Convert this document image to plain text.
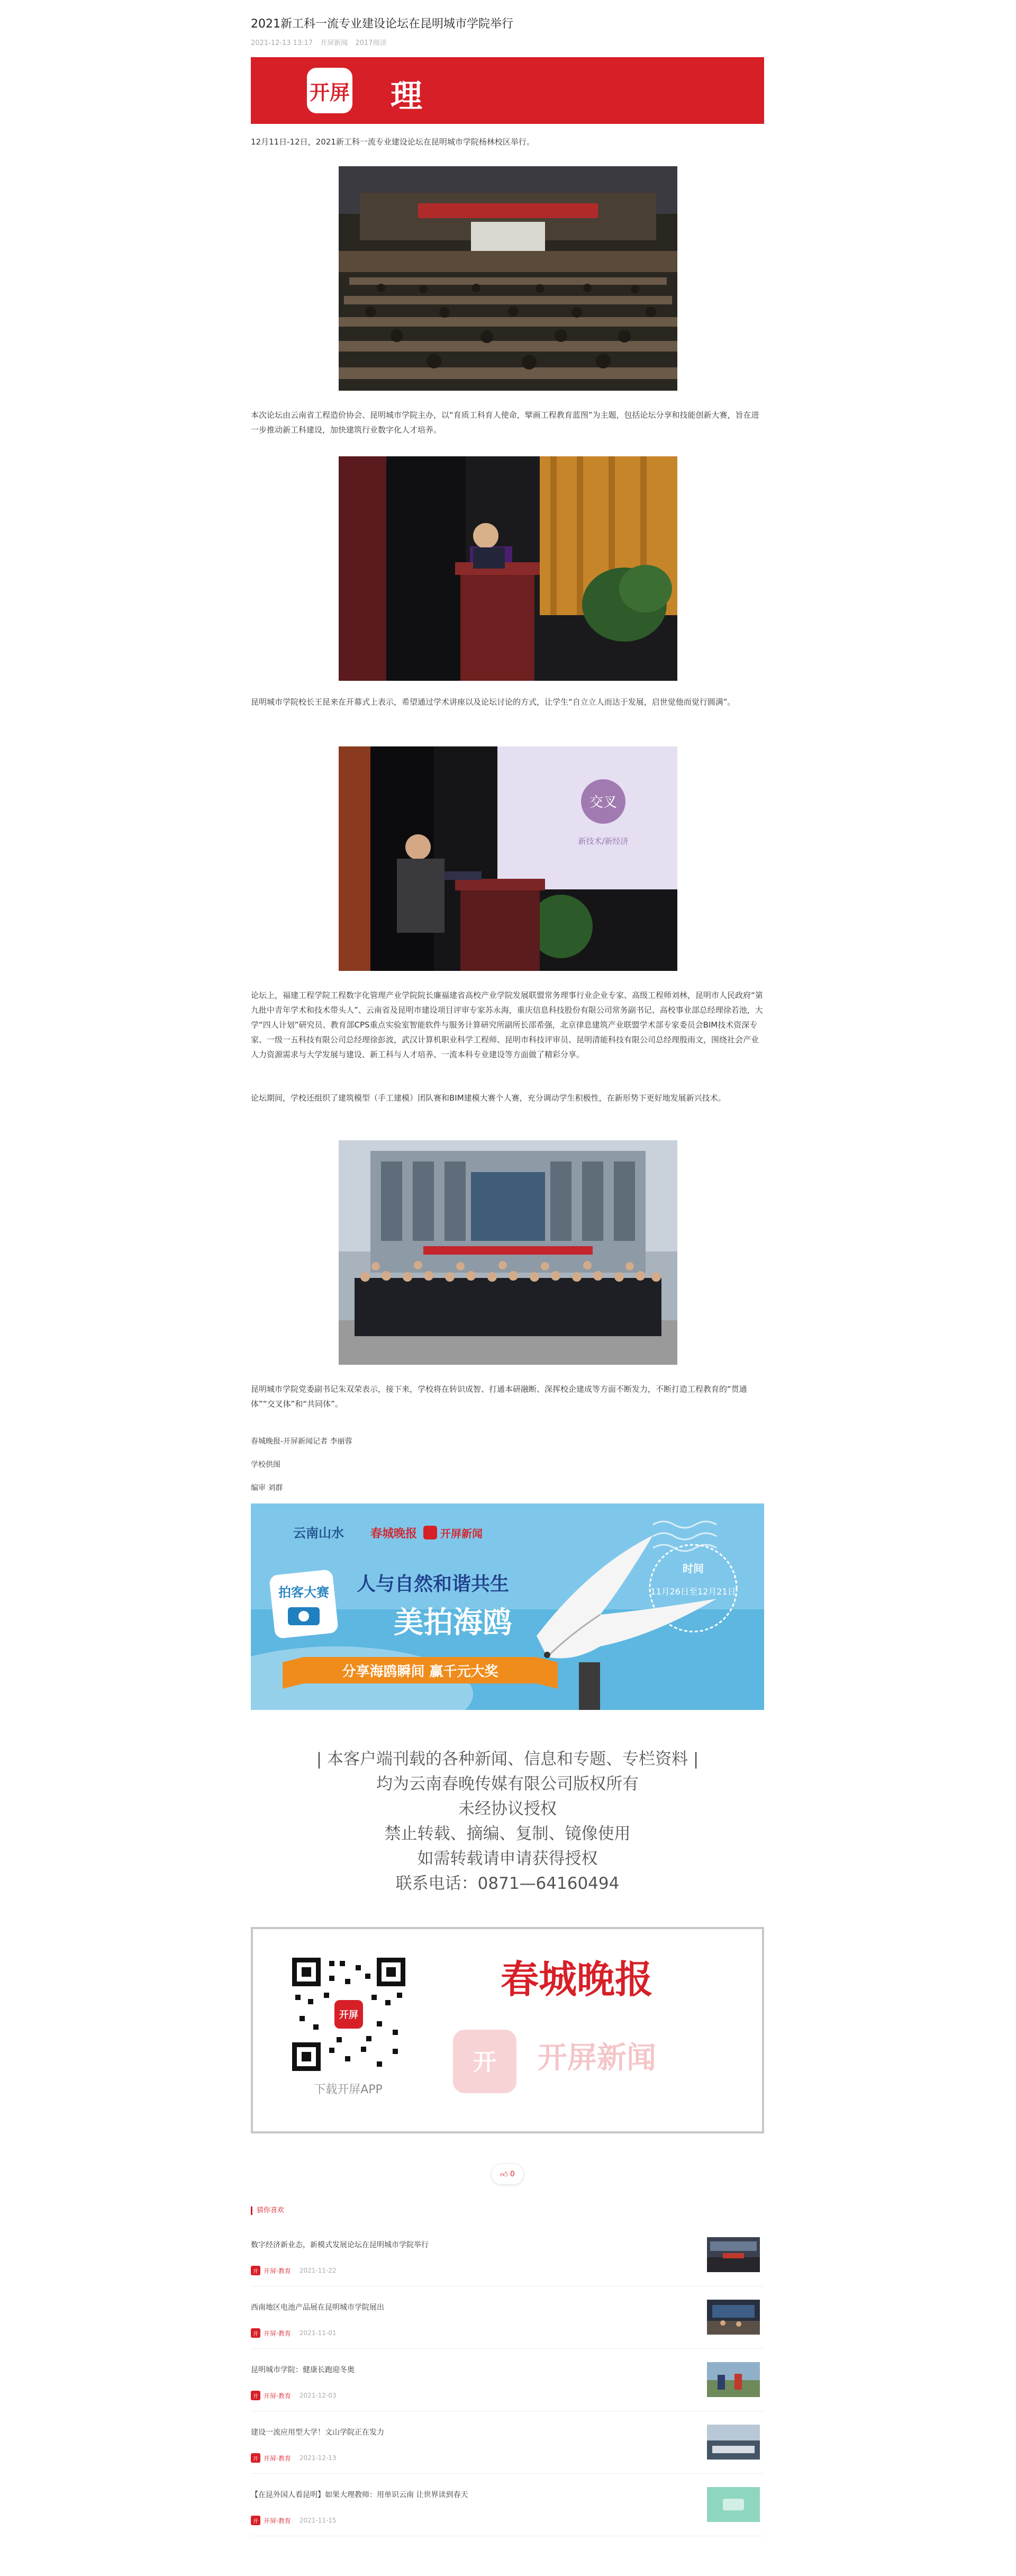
2021新工科一流专业建设论坛在昆明城市学院举行
2021-12-13 13:17 开屏新闻 2017阅读
开屏 理

12月11日-12日，2021新工科一流专业建设论坛在昆明城市学院杨林校区举行。

本次论坛由云南省工程造价协会、昆明城市学院主办，以“育质工科育人使命，擘画工程教育蓝图”为主题，包括论坛分享和技能创新大赛，旨在进一步推动新工科建设，加快建筑行业数字化人才培养。

昆明城市学院校长王昆来在开幕式上表示，希望通过学术讲座以及论坛讨论的方式，让学生“自立立人而达于发展，启世觉他而觉行圆满”。

交叉
新技术/新经济

论坛上，福建工程学院工程数字化管理产业学院院长廉福建省高校产业学院发展联盟常务理事行业企业专家、高级工程师刘林，昆明市人民政府“第九批中青年学术和技术带头人”、云南省及昆明市建设项目评审专家苏永海，重庆信息科技股份有限公司常务副书记、高校事业部总经理徐若池，大学“四人计划”研究员、教育部CPS重点实验室智能软件与服务计算研究所副所长邵希强，北京律息建筑产业联盟学术部专家委员会BIM技术资深专家、一级一五科技有限公司总经理徐彭波，武汉计算机职业科学工程师、昆明市科技评审员、昆明清能科技有限公司总经理殷雨文，围绕社会产业人力资源需求与大学发展与建设、新工科与人才培养、一流本科专业建设等方面做了精彩分享。

论坛期间，学校还组织了建筑模型（手工建模）团队赛和BIM建模大赛个人赛，充分调动学生积极性，在新形势下更好地发展新兴技术。

昆明城市学院党委副书记朱双荣表示，接下来，学校将在转识成智、打通本研融断、深挥校企建成等方面不断发力，不断打造工程教育的“贯通体”“交叉体”和“共同体”。

春城晚报-开屏新闻记者 李丽蓉
学校供图
编审 刘群
云南山水 春城晚报 开屏新闻
拍客大赛 人与自然和谐共生
美拍海鸥
分享海鸥瞬间 赢千元大奖
时间
11月26日至12月21日
| 本客户端刊载的各种新闻、信息和专题、专栏资料 |
均为云南春晚传媒有限公司版权所有
未经协议授权
禁止转载、摘编、复制、镜像使用
如需转载请申请获得授权
联系电话：0871—64160494
开屏
下载开屏APP
春城晚报
开 开屏新闻
👍︎ 0
猜你喜欢
数字经济新业态，新模式发展论坛在昆明城市学院举行
开 开屏·教育 2021-11-22
西南地区电池产品展在昆明城市学院展出
开 开屏·教育 2021-11-01
昆明城市学院：健康长跑迎冬奥
开 开屏·教育 2021-12-03
建设一流应用型大学！文山学院正在发力
开 开屏·教育 2021-12-13
【在昆外国人看昆明】如果大理教师：用单识云南 让世界读到春天
开 开屏·教育 2021-11-15
